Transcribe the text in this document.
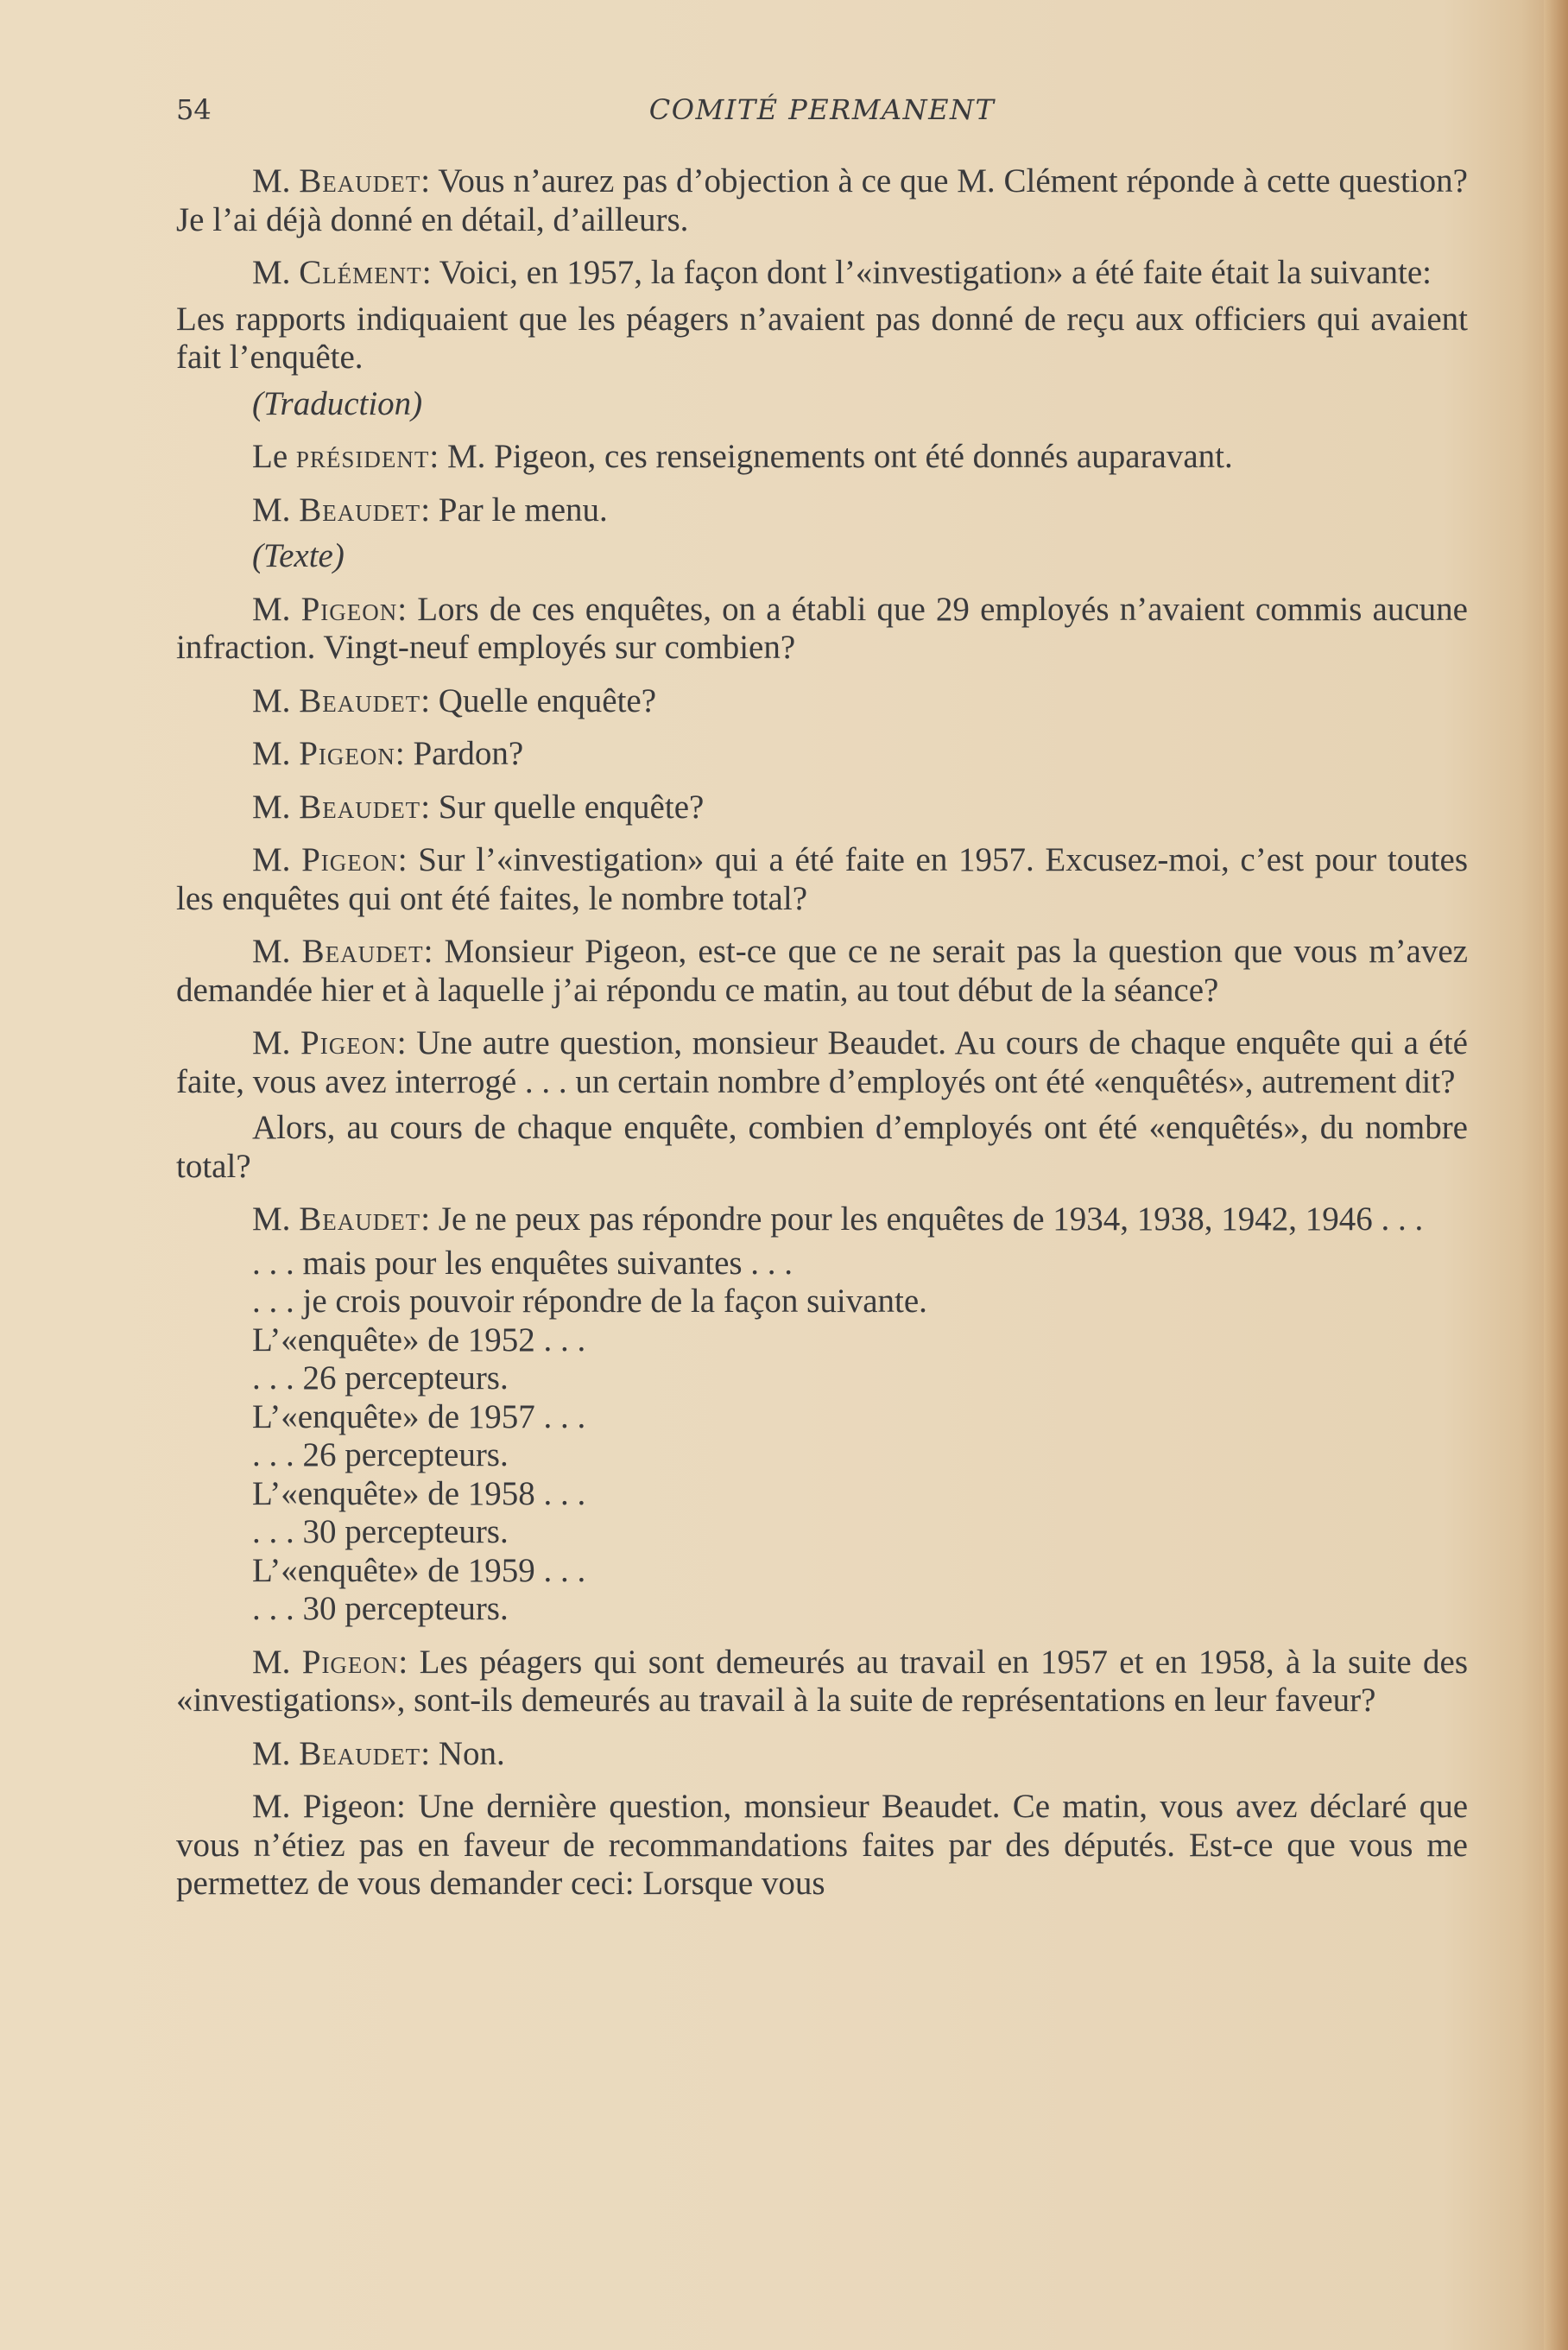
54	COMITÉ PERMANENT

M. Beaudet: Vous n’aurez pas d’objection à ce que M. Clément réponde à cette question? Je l’ai déjà donné en détail, d’ailleurs.

M. Clément: Voici, en 1957, la façon dont l’«investigation» a été faite était la suivante:

Les rapports indiquaient que les péagers n’avaient pas donné de reçu aux officiers qui avaient fait l’enquête.

(Traduction)

Le président: M. Pigeon, ces renseignements ont été donnés auparavant.

M. Beaudet: Par le menu.

(Texte)

M. Pigeon: Lors de ces enquêtes, on a établi que 29 employés n’avaient commis aucune infraction. Vingt-neuf employés sur combien?

M. Beaudet: Quelle enquête?

M. Pigeon: Pardon?

M. Beaudet: Sur quelle enquête?

M. Pigeon: Sur l’«investigation» qui a été faite en 1957. Excusez-moi, c’est pour toutes les enquêtes qui ont été faites, le nombre total?

M. Beaudet: Monsieur Pigeon, est-ce que ce ne serait pas la question que vous m’avez demandée hier et à laquelle j’ai répondu ce matin, au tout début de la séance?

M. Pigeon: Une autre question, monsieur Beaudet. Au cours de chaque enquête qui a été faite, vous avez interrogé . . . un certain nombre d’employés ont été «enquêtés», autrement dit?

Alors, au cours de chaque enquête, combien d’employés ont été «enquêtés», du nombre total?

M. Beaudet: Je ne peux pas répondre pour les enquêtes de 1934, 1938, 1942, 1946 . . .

. . . mais pour les enquêtes suivantes . . .

. . . je crois pouvoir répondre de la façon suivante.

L’«enquête» de 1952 . . .

. . . 26 percepteurs.

L’«enquête» de 1957 . . .

. . . 26 percepteurs.

L’«enquête» de 1958 . . .

. . . 30 percepteurs.

L’«enquête» de 1959 . . .

. . . 30 percepteurs.

M. Pigeon: Les péagers qui sont demeurés au travail en 1957 et en 1958, à la suite des «investigations», sont-ils demeurés au travail à la suite de représentations en leur faveur?

M. Beaudet: Non.

M. Pigeon: Une dernière question, monsieur Beaudet. Ce matin, vous avez déclaré que vous n’étiez pas en faveur de recommandations faites par des députés. Est-ce que vous me permettez de vous demander ceci: Lorsque vous
